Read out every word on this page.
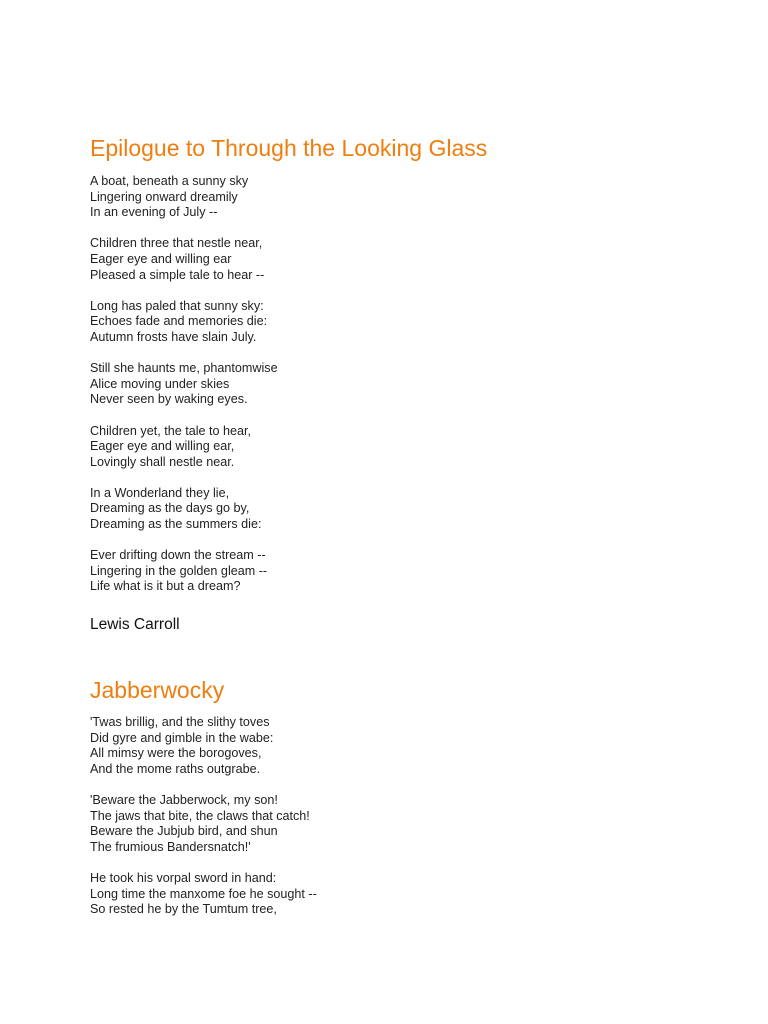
Epilogue to Through the Looking Glass
A boat, beneath a sunny sky
Lingering onward dreamily
In an evening of July --
Children three that nestle near,
Eager eye and willing ear
Pleased a simple tale to hear --
Long has paled that sunny sky:
Echoes fade and memories die:
Autumn frosts have slain July.
Still she haunts me, phantomwise
Alice moving under skies
Never seen by waking eyes.
Children yet, the tale to hear,
Eager eye and willing ear,
Lovingly shall nestle near.
In a Wonderland they lie,
Dreaming as the days go by,
Dreaming as the summers die:
Ever drifting down the stream --
Lingering in the golden gleam --
Life what is it but a dream?

Lewis Carroll

Jabberwocky
'Twas brillig, and the slithy toves
Did gyre and gimble in the wabe:
All mimsy were the borogoves,
And the mome raths outgrabe.
'Beware the Jabberwock, my son!
The jaws that bite, the claws that catch!
Beware the Jubjub bird, and shun
The frumious Bandersnatch!'
He took his vorpal sword in hand:
Long time the manxome foe he sought --
So rested he by the Tumtum tree,
